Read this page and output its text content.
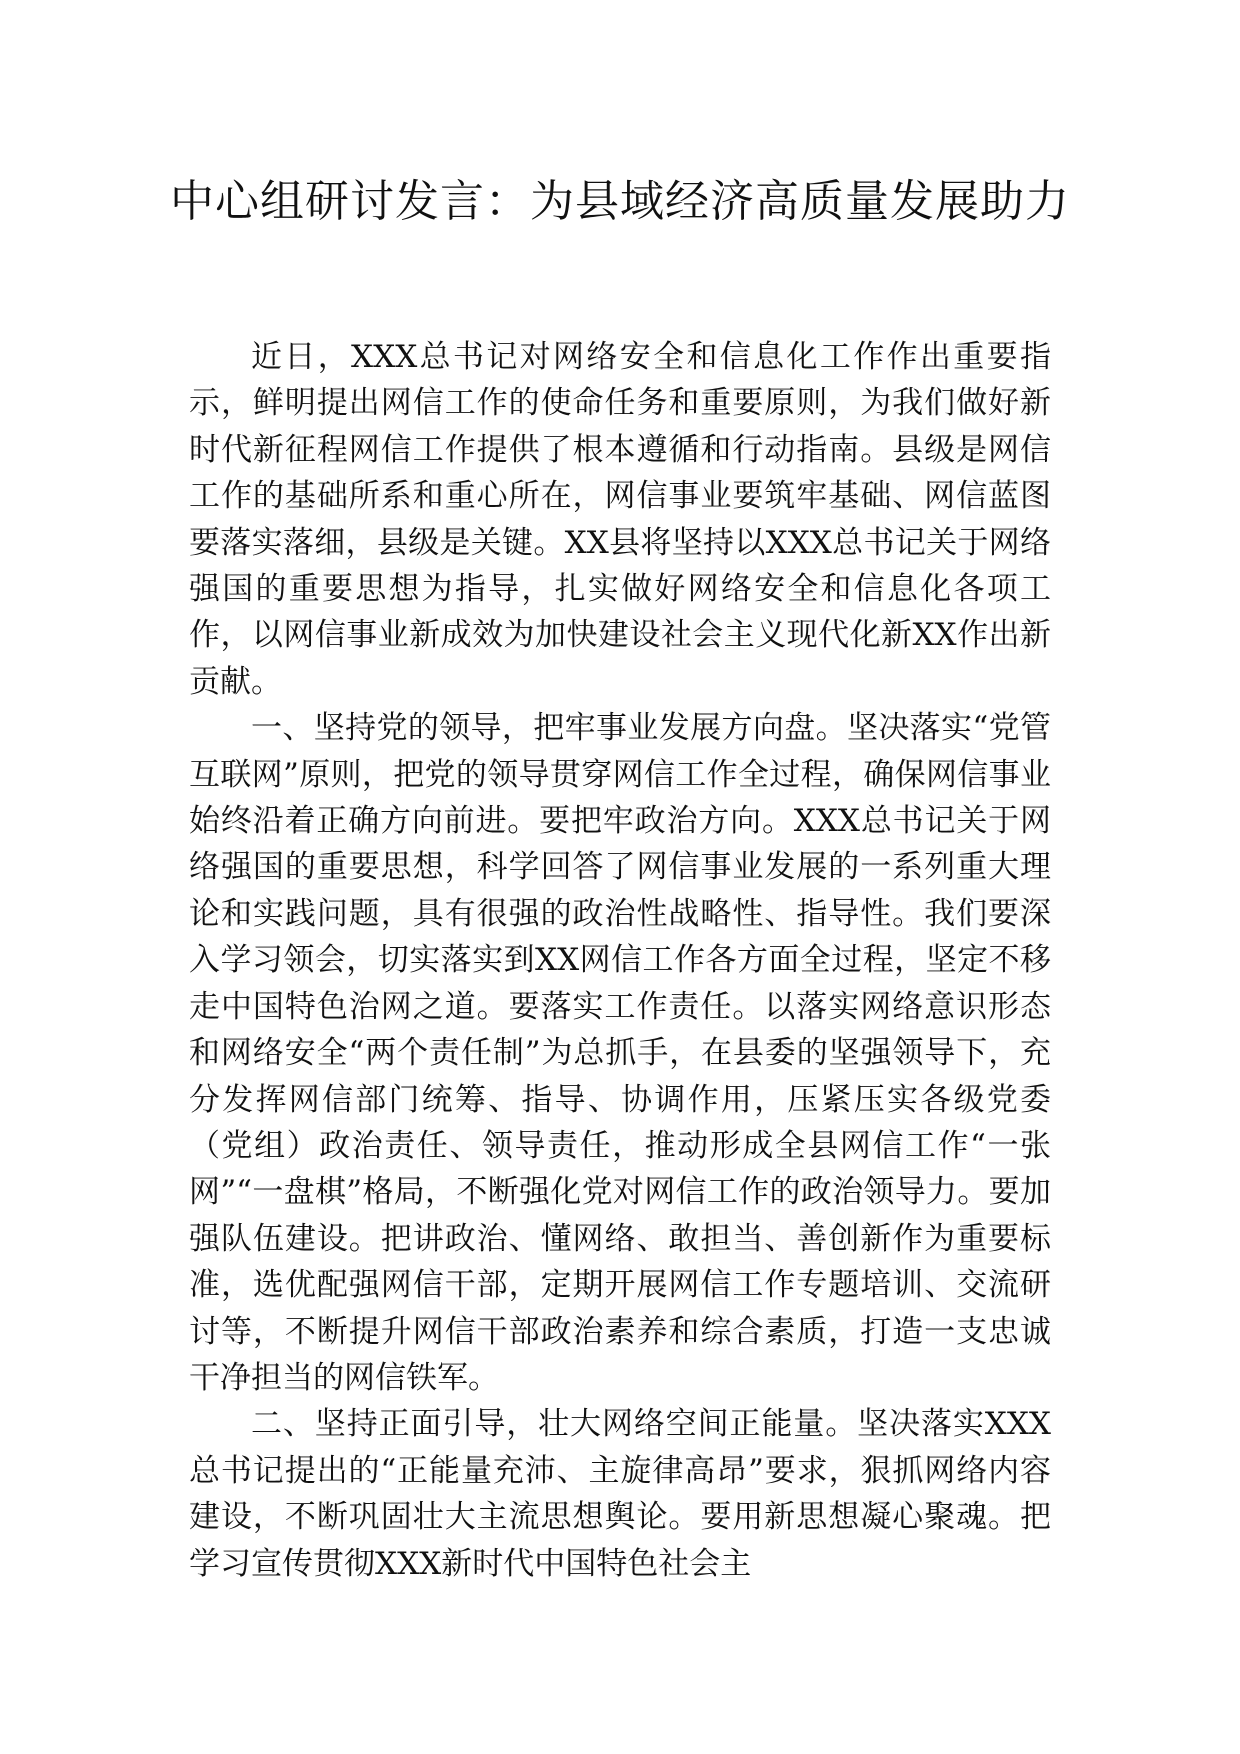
中心组研讨发言：为县域经济高质量发展助力

近日，XXX总书记对网络安全和信息化工作作出重要指示，鲜明提出网信工作的使命任务和重要原则，为我们做好新时代新征程网信工作提供了根本遵循和行动指南。县级是网信工作的基础所系和重心所在，网信事业要筑牢基础、网信蓝图要落实落细，县级是关键。XX县将坚持以XXX总书记关于网络强国的重要思想为指导，扎实做好网络安全和信息化各项工作，以网信事业新成效为加快建设社会主义现代化新XX作出新贡献。

一、坚持党的领导，把牢事业发展方向盘。坚决落实“党管互联网”原则，把党的领导贯穿网信工作全过程，确保网信事业始终沿着正确方向前进。要把牢政治方向。XXX总书记关于网络强国的重要思想，科学回答了网信事业发展的一系列重大理论和实践问题，具有很强的政治性战略性、指导性。我们要深入学习领会，切实落实到XX网信工作各方面全过程，坚定不移走中国特色治网之道。要落实工作责任。以落实网络意识形态和网络安全“两个责任制”为总抓手，在县委的坚强领导下，充分发挥网信部门统筹、指导、协调作用，压紧压实各级党委（党组）政治责任、领导责任，推动形成全县网信工作“一张网”“一盘棋”格局，不断强化党对网信工作的政治领导力。要加强队伍建设。把讲政治、懂网络、敢担当、善创新作为重要标准，选优配强网信干部，定期开展网信工作专题培训、交流研讨等，不断提升网信干部政治素养和综合素质，打造一支忠诚干净担当的网信铁军。

二、坚持正面引导，壮大网络空间正能量。坚决落实XXX总书记提出的“正能量充沛、主旋律高昂”要求，狠抓网络内容建设，不断巩固壮大主流思想舆论。要用新思想凝心聚魂。把学习宣传贯彻XXX新时代中国特色社会主
